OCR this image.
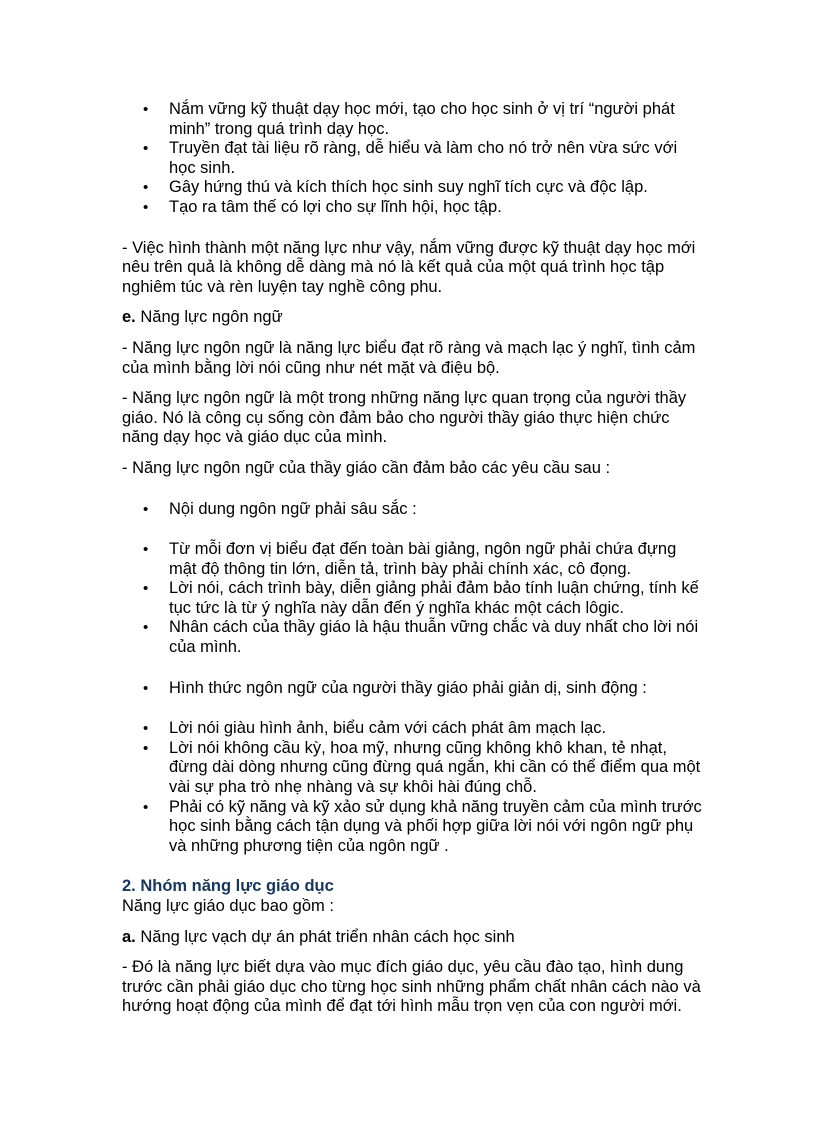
• Nắm vững kỹ thuật dạy học mới, tạo cho học sinh ở vị trí “người phát minh” trong quá trình dạy học.
• Truyền đạt tài liệu rõ ràng, dễ hiểu và làm cho nó trở nên vừa sức với học sinh.
• Gây hứng thú và kích thích học sinh suy nghĩ tích cực và độc lập.
• Tạo ra tâm thế có lợi cho sự lĩnh hội, học tập.

- Việc hình thành một năng lực như vậy, nắm vững được kỹ thuật dạy học mới nêu trên quả là không dễ dàng mà nó là kết quả của một quá trình học tập nghiêm túc và rèn luyện tay nghề công phu.

e. Năng lực ngôn ngữ

- Năng lực ngôn ngữ là năng lực biểu đạt rõ ràng và mạch lạc ý nghĩ, tình cảm của mình bằng lời nói cũng như nét mặt và điệu bộ.

- Năng lực ngôn ngữ là một trong những năng lực quan trọng của người thầy giáo. Nó là công cụ sống còn đảm bảo cho người thầy giáo thực hiện chức năng dạy học và giáo dục của mình.

- Năng lực ngôn ngữ của thầy giáo cần đảm bảo các yêu cầu sau :

• Nội dung ngôn ngữ phải sâu sắc :
• Từ mỗi đơn vị biểu đạt đến toàn bài giảng, ngôn ngữ phải chứa đựng mật độ thông tin lớn, diễn tả, trình bày phải chính xác, cô đọng.
• Lời nói, cách trình bày, diễn giảng phải đảm bảo tính luận chứng, tính kế tục tức là từ ý nghĩa này dẫn đến ý nghĩa khác một cách lôgic.
• Nhân cách của thầy giáo là hậu thuẫn vững chắc và duy nhất cho lời nói của mình.
• Hình thức ngôn ngữ của người thầy giáo phải giản dị, sinh động :
• Lời nói giàu hình ảnh, biểu cảm với cách phát âm mạch lạc.
• Lời nói không cầu kỳ, hoa mỹ, nhưng cũng không khô khan, tẻ nhạt, đừng dài dòng nhưng cũng đừng quá ngắn, khi cần có thể điểm qua một vài sự pha trò nhẹ nhàng và sự khôi hài đúng chỗ.
• Phải có kỹ năng và kỹ xảo sử dụng khả năng truyền cảm của mình trước học sinh bằng cách tận dụng và phối hợp giữa lời nói với ngôn ngữ phụ và những phương tiện của ngôn ngữ .

2. Nhóm năng lực giáo dục

Năng lực giáo dục bao gồm :

a. Năng lực vạch dự án phát triển nhân cách học sinh

- Đó là năng lực biết dựa vào mục đích giáo dục, yêu cầu đào tạo, hình dung trước cần phải giáo dục cho từng học sinh những phẩm chất nhân cách nào và hướng hoạt động của mình để đạt tới hình mẫu trọn vẹn của con người mới.
